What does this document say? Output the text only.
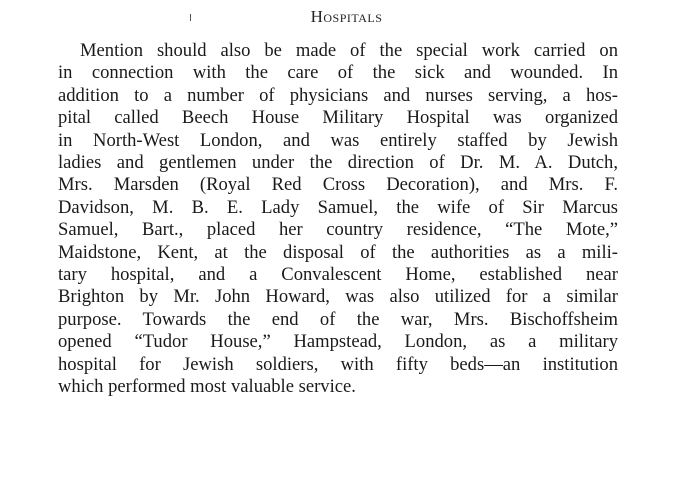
Hospitals
Mention should also be made of the special work carried on
in connection with the care of the sick and wounded. In
addition to a number of physicians and nurses serving, a hos-
pital called Beech House Military Hospital was organized
in North-West London, and was entirely staffed by Jewish
ladies and gentlemen under the direction of Dr. M. A. Dutch,
Mrs. Marsden (Royal Red Cross Decoration), and Mrs. F.
Davidson, M. B. E. Lady Samuel, the wife of Sir Marcus
Samuel, Bart., placed her country residence, “The Mote,”
Maidstone, Kent, at the disposal of the authorities as a mili-
tary hospital, and a Convalescent Home, established near
Brighton by Mr. John Howard, was also utilized for a similar
purpose. Towards the end of the war, Mrs. Bischoffsheim
opened “Tudor House,” Hampstead, London, as a military
hospital for Jewish soldiers, with fifty beds—an institution
which performed most valuable service.
